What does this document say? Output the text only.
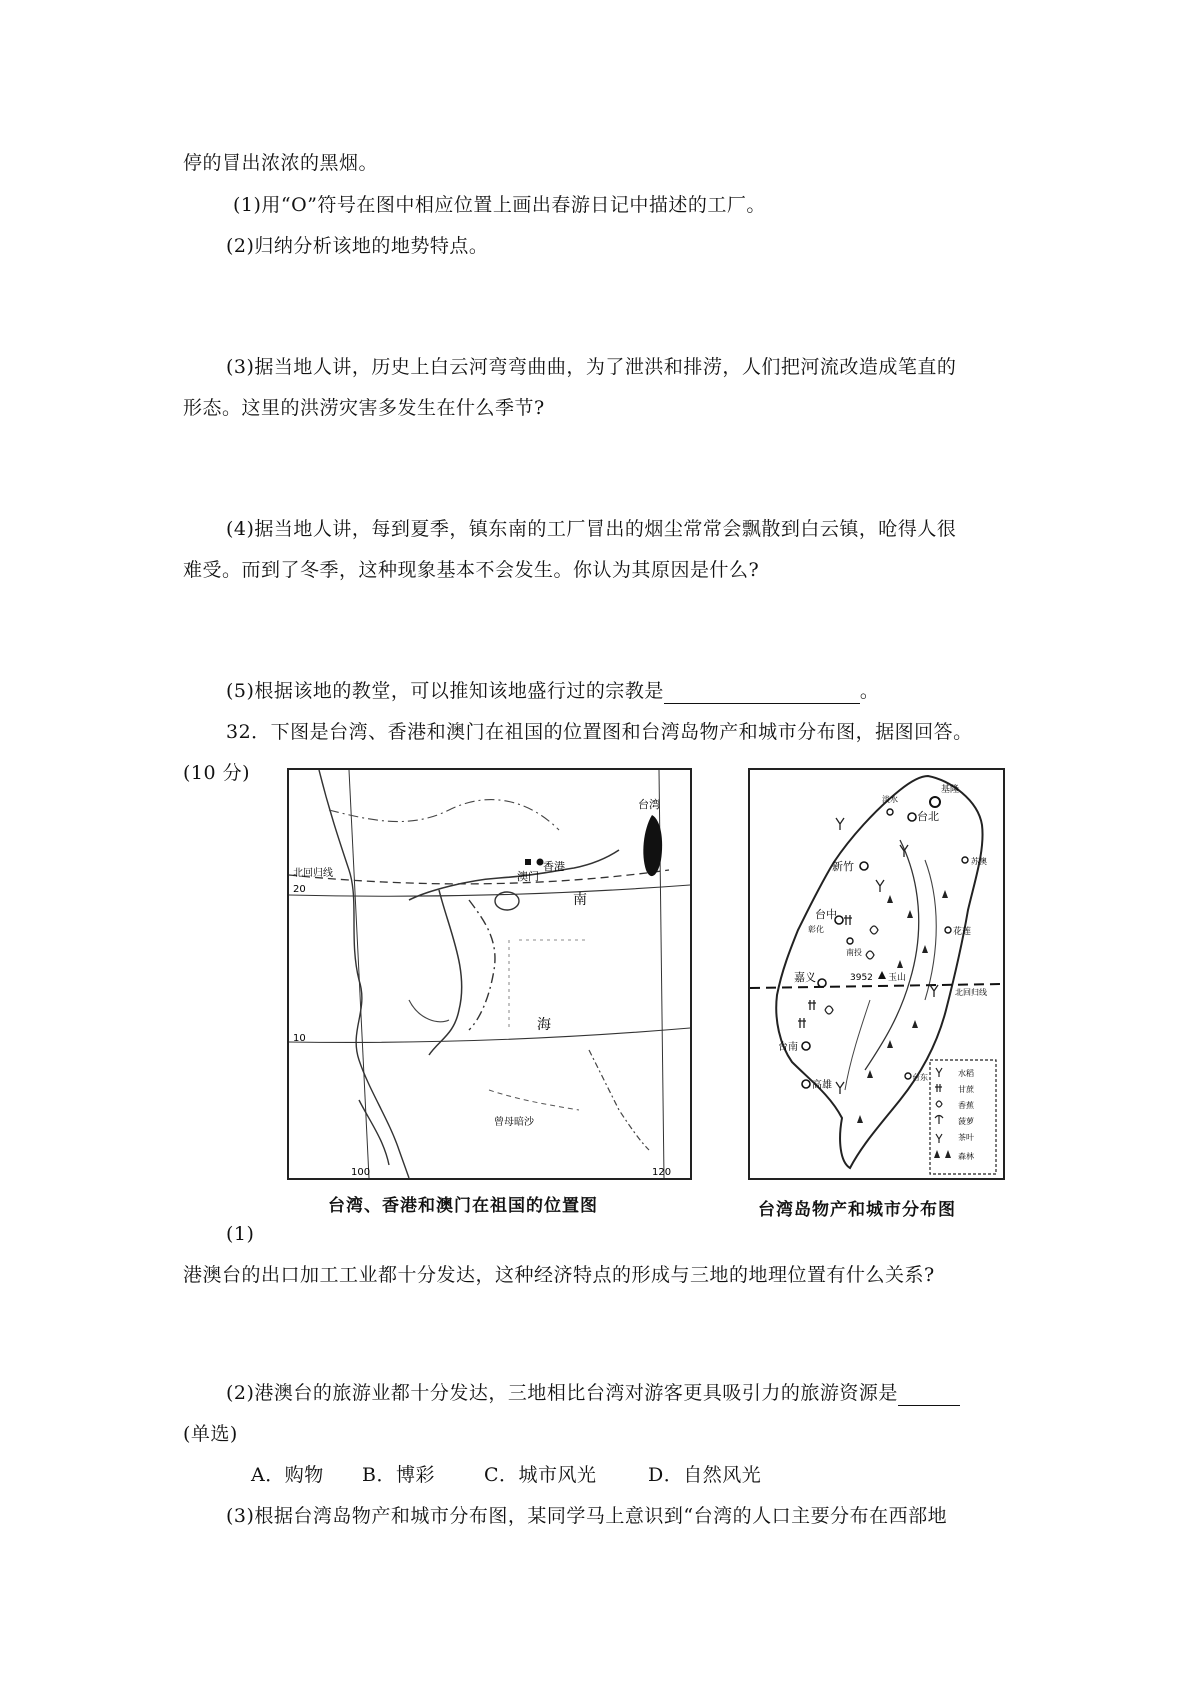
停的冒出浓浓的黑烟。
(1)用“O”符号在图中相应位置上画出春游日记中描述的工厂。
(2)归纳分析该地的地势特点。
(3)据当地人讲，历史上白云河弯弯曲曲，为了泄洪和排涝，人们把河流改造成笔直的
形态。这里的洪涝灾害多发生在什么季节?
(4)据当地人讲，每到夏季，镇东南的工厂冒出的烟尘常常会飘散到白云镇，呛得人很
难受。而到了冬季，这种现象基本不会发生。你认为其原因是什么?
(5)根据该地的教堂，可以推知该地盛行过的宗教是	。
32．下图是台湾、香港和澳门在祖国的位置图和台湾岛物产和城市分布图，据图回答。
(10 分)
台湾
北回归线
香港
澳门
20
10
南
海
曾母暗沙
100	120
台湾、香港和澳门在祖国的位置图
基隆
台北
淡水
新竹	苏澳
台中
彰化
南投
花莲
嘉义	3952 玉山
北回归线
台南
高雄
台东	水稻
甘蔗
香蕉
菠萝
茶叶
森林
台湾岛物产和城市分布图
(1)
港澳台的出口加工工业都十分发达，这种经济特点的形成与三地的地理位置有什么关系?
(2)港澳台的旅游业都十分发达，三地相比台湾对游客更具吸引力的旅游资源是
(单选)
A．购物 B．博彩	C．城市风光	D．自然风光
(3)根据台湾岛物产和城市分布图，某同学马上意识到“台湾的人口主要分布在西部地
